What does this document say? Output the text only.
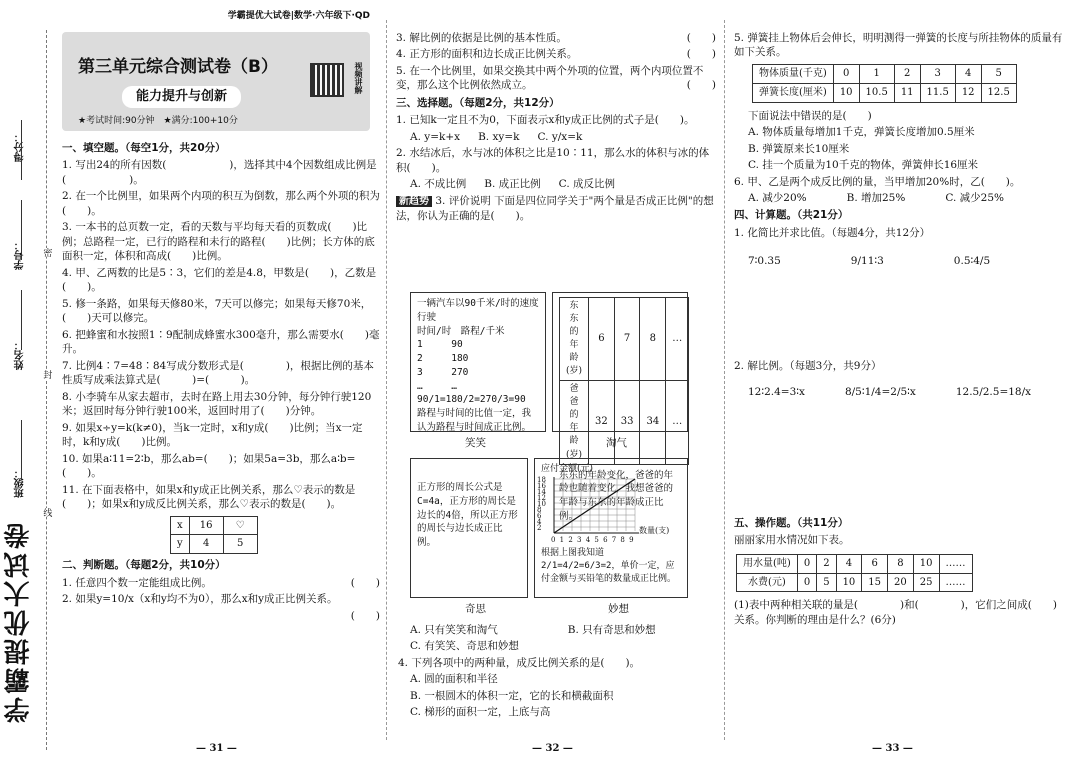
得分：
学号：
姓名：
班级：
密
封
线
学霸提优大试卷
学霸提优大试卷|数学·六年级下·QD
第三单元综合测试卷（B）
能力提升与创新
★考试时间:90分钟　★满分:100+10分
视频讲解
一、填空题。（每空1分，共20分）
1. 写出24的所有因数(　　　　　　)，选择其中4个因数组成比例是(　　　　　　)。
2. 在一个比例里，如果两个内项的积互为倒数，那么两个外项的积为(　　)。
3. 一本书的总页数一定，看的天数与平均每天看的页数成(　　)比例；总路程一定，已行的路程和未行的路程(　　)比例；长方体的底面积一定，体积和高成(　　)比例。
4. 甲、乙两数的比是5∶3，它们的差是4.8，甲数是(　　)，乙数是(　　)。
5. 修一条路，如果每天修80米，7天可以修完；如果每天修70米，(　　)天可以修完。
6. 把蜂蜜和水按照1∶9配制成蜂蜜水300毫升，那么需要水(　　)毫升。
7. 比例4∶7=48∶84写成分数形式是(　　　　)，根据比例的基本性质写成乘法算式是(　　　)=(　　　)。
8. 小李骑车从家去超市，去时在路上用去30分钟，每分钟行驶120米；返回时每分钟行驶100米，返回时用了(　　)分钟。
9. 如果x÷y=k(k≠0)，当k一定时，x和y成(　　)比例；当x一定时，k和y成(　　)比例。
10. 如果a∶11=2∶b，那么ab=(　　)；如果5a=3b，那么a∶b=(　　)。
11. 在下面表格中，如果x和y成正比例关系，那么♡表示的数是(　　)；如果x和y成反比例关系，那么♡表示的数是(　　)。
x	16	♡
y	4	5
二、判断题。（每题2分，共10分）
1. 任意四个数一定能组成比例。	(　　)
2. 如果y=10/x（x和y均不为0），那么x和y成正比例关系。
(　　)
— 31 —
3. 解比例的依据是比例的基本性质。	(　　)
4. 正方形的面积和边长成正比例关系。	(　　)
5. 在一个比例里，如果交换其中两个外项的位置，两个内项位置不变，那么这个比例依然成立。	(　　)
三、选择题。（每题2分，共12分）
1. 已知k一定且不为0，下面表示x和y成正比例的式子是(　　)。
A. y=k+x B. xy=k C. y/x=k
2. 水结冰后，水与冰的体积之比是10∶11，那么水的体积与冰的体积(　　)。
A. 不成比例 B. 成正比例 C. 成反比例
新趋势 3. 评价说明 下面是四位同学关于"两个量是否成正比例"的想法，你认为正确的是(　　)。
一辆汽车以90千米/时的速度行驶
时间/时　路程/千米
1　　　90
2　　　180
3　　　270
…　　　…
90/1=180/2=270/3=90
路程与时间的比值一定，我认为路程与时间成正比例。
东东的年龄(岁)	6	7	8	…
爸爸的年龄(岁)	32	33	34	…
东东的年龄变化，爸爸的年龄也随着变化，我想爸爸的年龄与东东的年龄成正比例。
笑笑	淘气
正方形的周长公式是C=4a，正方形的周长是边长的4倍，所以正方形的周长与边长成正比例。
应付金额(元)
18
16
14
12
10
8
6
4
2
0 1 2 3 4 5 6 7 8 9
数量(支)
根据上图我知道2/1=4/2=6/3=2，单价一定，应付金额与买铅笔的数量成正比例。
奇思	妙想
A. 只有笑笑和淘气	B. 只有奇思和妙想
C. 有笑笑、奇思和妙想
4. 下列各项中的两种量，成反比例关系的是(　　)。
A. 圆的面积和半径
B. 一根圆木的体积一定，它的长和横截面积
C. 梯形的面积一定，上底与高
— 32 —
5. 弹簧挂上物体后会伸长，明明测得一弹簧的长度与所挂物体的质量有如下关系。
物体质量(千克)	0	1	2	3	4	5
弹簧长度(厘米)	10	10.5	11	11.5	12	12.5
下面说法中错误的是(　　)
A. 物体质量每增加1千克，弹簧长度增加0.5厘米
B. 弹簧原来长10厘米
C. 挂一个质量为10千克的物体，弹簧伸长16厘米
6. 甲、乙是两个成反比例的量，当甲增加20%时，乙(　　)。
A. 减少20%	B. 增加25%	C. 减少25%
四、计算题。（共21分）
1. 化简比并求比值。（每题4分，共12分）
7∶0.35	9/11∶3	0.5∶4/5
2. 解比例。（每题3分，共9分）
12∶2.4=3∶x	8/5∶1/4=2/5∶x	12.5/2.5=18/x
五、操作题。（共11分）
丽丽家用水情况如下表。
用水量(吨)	0	2	4	6	8	10	……
水费(元)	0	5	10	15	20	25	……
(1)表中两种相关联的量是(　　　　)和(　　　　)，它们之间成(　　)关系。你判断的理由是什么？(6分)
— 33 —
